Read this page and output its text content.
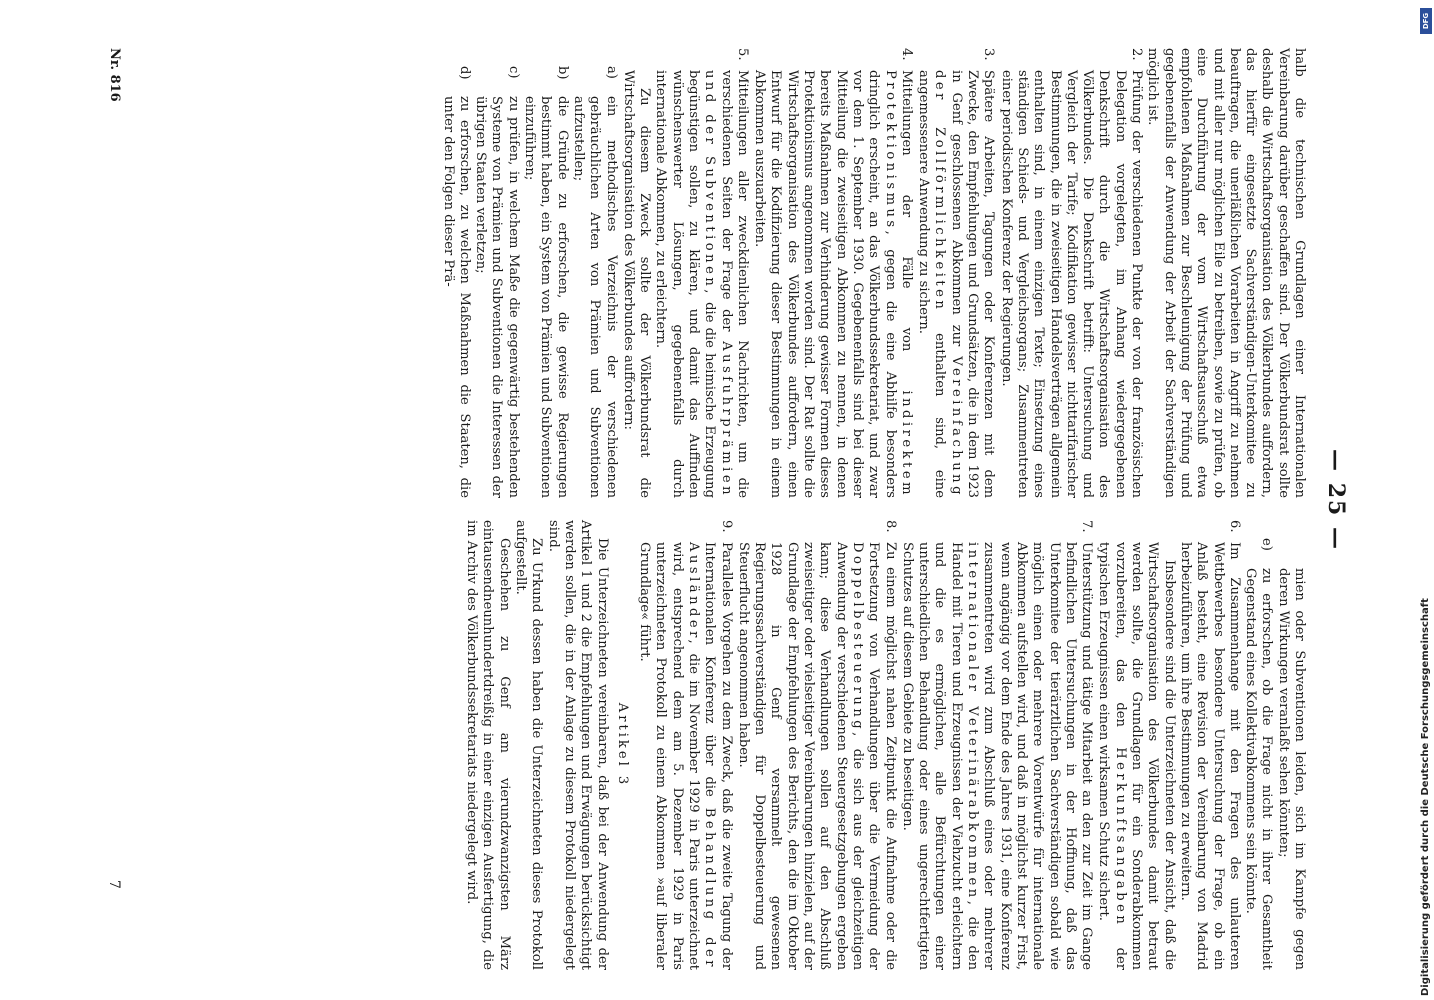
— 25 —

halb die technischen Grundlagen einer Internationalen Vereinbarung darüber geschaffen sind. Der Völkerbundsrat sollte deshalb die Wirtschaftsorganisation des Völkerbundes auffordern, das hierfür eingesetzte Sachverständigen-Unterkomitee zu beauftragen, die unerläßlichen Vorarbeiten in Angriff zu nehmen und mit aller nur möglichen Eile zu betreiben, sowie zu prüfen, ob eine Durchführung der vom Wirtschaftsausschuß etwa empfohlenen Maßnahmen zur Beschleunigung der Prüfung und gegebenenfalls der Anwendung der Arbeit der Sachverständigen möglich ist.

2.
Prüfung der verschiedenen Punkte der von der französischen Delegation vorgelegten, im Anhang wiedergegebenen Denkschrift durch die Wirtschaftsorganisation des Völkerbundes. Die Denkschrift betrifft: Untersuchung und Vergleich der Tarife; Kodifikation gewisser nichttarifarischer Bestimmungen, die in zweiseitigen Handelsverträgen allgemein enthalten sind, in einem einzigen Texte; Einsetzung eines ständigen Schieds- und Vergleichsorgans; Zusammentreten einer periodischen Konferenz der Regierungen.
3.
Spätere Arbeiten, Tagungen oder Konferenzen mit dem Zwecke, den Empfehlungen und Grundsätzen, die in dem 1923 in Genf geschlossenen Abkommen zur Vereinfachung der Zollförmlichkeiten enthalten sind, eine angemessenere Anwendung zu sichern.
4.
Mitteilungen der Fälle von indirektem Protektionismus, gegen die eine Abhilfe besonders dringlich erscheint, an das Völkerbundssekretariat, und zwar vor dem 1. September 1930. Gegebenenfalls sind bei dieser Mitteilung die zweiseitigen Abkommen zu nennen, in denen bereits Maßnahmen zur Verhinderung gewisser Formen dieses Protektionismus angenommen worden sind. Der Rat sollte die Wirtschaftsorganisation des Völkerbundes auffordern, einen Entwurf für die Kodifizierung dieser Bestimmungen in einem Abkommen auszuarbeiten.
5.
Mitteilungen aller zweckdienlichen Nachrichten, um die verschiedenen Seiten der Frage der Ausfuhrprämien und der Subventionen, die die heimische Erzeugung begünstigen sollen, zu klären, und damit das Auffinden wünschenswerter Lösungen, gegebenenfalls durch internationale Abkommen, zu erleichtern.

Zu diesem Zweck sollte der Völkerbundsrat die Wirtschaftsorganisation des Völkerbundes auffordern:

a)
ein methodisches Verzeichnis der verschiedenen gebräuchlichen Arten von Prämien und Subventionen aufzustellen;
b)
die Gründe zu erforschen, die gewisse Regierungen bestimmt haben, ein System von Prämien und Subventionen einzuführen;
c)
zu prüfen, in welchem Maße die gegenwärtig bestehenden Systeme von Prämien und Subventionen die Interessen der übrigen Staaten verletzen;
d)
zu erforschen, zu welchen Maßnahmen die Staaten, die unter den Folgen dieser Prä-

mien oder Subventionen leiden, sich im Kampfe gegen deren Wirkungen veranlaßt sehen könnten;

e)
zu erforschen, ob die Frage nicht in ihrer Gesamtheit Gegenstand eines Kollektivabkommens sein könnte.
6.

Im Zusammenhange mit den Fragen des unlauteren Wettbewerbes besondere Untersuchung der Frage, ob ein Anlaß besteht, eine Revision der Vereinbarung von Madrid herbeizuführen, um ihre Bestimmungen zu erweitern.

Insbesondere sind die Unterzeichneten der Ansicht, daß die Wirtschaftsorganisation des Völkerbundes damit betraut werden sollte, die Grundlagen für ein Sonderabkommen vorzubereiten, das den Herkunftsangaben der typischen Erzeugnissen einen wirksamen Schutz sichert.

7.
Unterstützung und tätige Mitarbeit an den zur Zeit im Gange befindlichen Untersuchungen in der Hoffnung, daß das Unterkomitee der tierärztlichen Sachverständigen sobald wie möglich einen oder mehrere Vorentwürfe für internationale Abkommen aufstellen wird, und daß in möglichst kurzer Frist, wenn angängig vor dem Ende des Jahres 1931, eine Konferenz zusammentreten wird zum Abschluß eines oder mehrerer internationaler Veterinärabkommen, die den Handel mit Tieren und Erzeugnissen der Viehzucht erleichtern und die es ermöglichen, alle Befürchtungen einer unterschiedlichen Behandlung oder eines ungerechtfertigten Schutzes auf diesem Gebiete zu beseitigen.
8.
Zu einem möglichst nahen Zeitpunkt die Aufnahme oder die Fortsetzung von Verhandlungen über die Vermeidung der Doppelbesteuerung, die sich aus der gleichzeitigen Anwendung der verschiedenen Steuergesetzgebungen ergeben kann; diese Verhandlungen sollen auf den Abschluß zweiseitiger oder vielseitiger Vereinbarungen hinzielen, auf der Grundlage der Empfehlungen des Berichts, den die im Oktober 1928 in Genf versammelt gewesenen Regierungssachverständigen für Doppelbesteuerung und Steuerflucht angenommen haben.
9.
Paralleles Vorgehen zu dem Zweck, daß die zweite Tagung der Internationalen Konferenz über die Behandlung der Ausländer, die im November 1929 in Paris unterzeichnet wird, entsprechend dem am 5. Dezember 1929 in Paris unterzeichneten Protokoll zu einem Abkommen »auf liberaler Grundlage« führt.

Artikel 3

Die Unterzeichneten vereinbaren, daß bei der Anwendung der Artikel 1 und 2 die Empfehlungen und Erwägungen berücksichtigt werden sollen, die in der Anlage zu diesem Protokoll niedergelegt sind.

Zu Urkund dessen haben die Unterzeichneten dieses Protokoll aufgestellt.

Geschehen zu Genf am vierundzwanzigsten März eintausendneunhundertdreißig in einer einzigen Ausfertigung, die im Archiv des Völkerbundssekretariats niedergelegt wird.

Nr. 816
7
DFG
Digitalisierung gefördert durch die Deutsche Forschungsgemeinschaft
